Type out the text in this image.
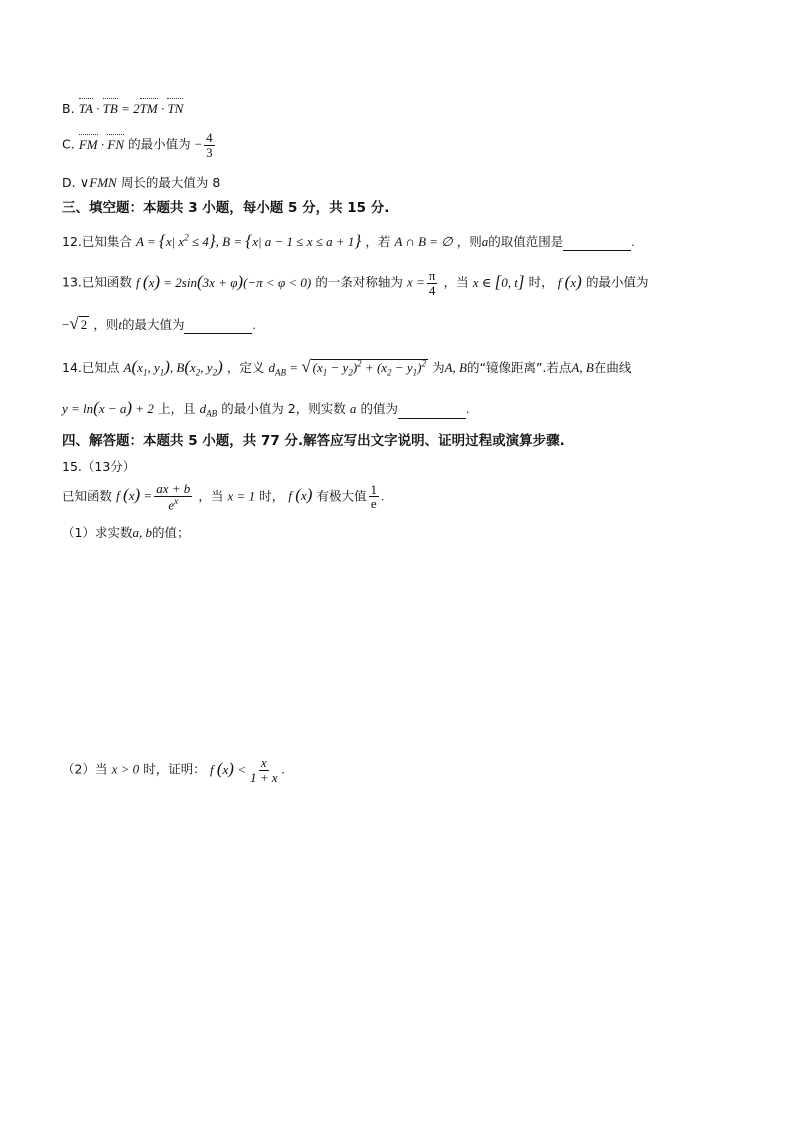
B. TA · TB = 2TM · TN
C. FM · FN 的最小值为 − $\frac{4}{3}$
D. ∨FMN 周长的最大值为 8
三、填空题：本题共 3 小题，每小题 5 分，共 15 分.
12.已知集合 A = {x| $x^2 \le 4$}, B = {x| a − 1 ≤ x ≤ a + 1} ，若 A ∩ B = ∅ ，则a的取值范围是	.
13.已知函数 f (x) = 2sin(3x + φ)(−π < φ < 0) 的一条对称轴为 $x = \frac{\pi}{4}$ ，当 x ∈ [0, t] 时， f (x) 的最小值为
−√ 2 ，则t的最大值为	.
14.已知点 $A(x_1$, $y_1$), $B(x_2$, $y_2$) ，定义 $d_{AB}$ = √ $(x_1 - y_2)^2 + (x_2 - y_1)^2$ 为A, B的“镜像距离”.若点A, B在曲线
y = ln(x − a) + 2 上，且 $d_{AB}$ 的最小值为 2，则实数 a 的值为	.
四、解答题：本题共 5 小题，共 77 分.解答应写出文字说明、证明过程或演算步骤.
15.（13分）
已知函数 f $(x) = \frac{ax + b}{e^x}$ ，当 x = 1 时， f (x) 有极大值 $\frac{1}{e}$ .
（1）求实数a, b的值；
（2）当 x > 0 时，证明： f $(x) < \frac{x}{1 + x}$ .
